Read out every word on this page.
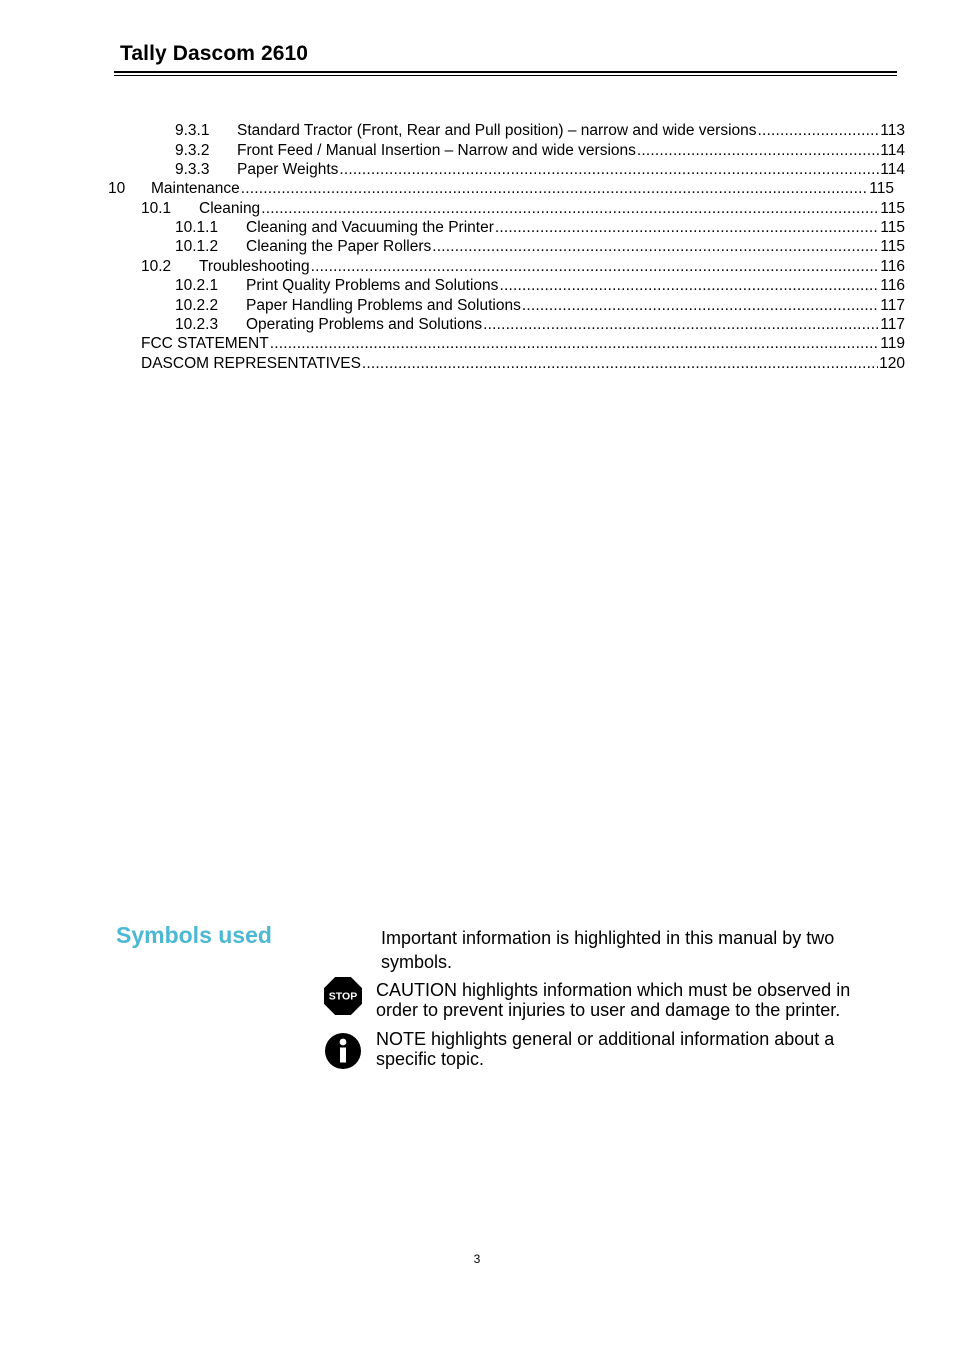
Tally Dascom 2610
9.3.1	Standard Tractor (Front, Rear and Pull position) – narrow and wide versions .....	113
9.3.2	Front Feed / Manual Insertion – Narrow and wide versions .....	114
9.3.3	Paper Weights .....	114
10	Maintenance .....	115
10.1	Cleaning .....	115
10.1.1	Cleaning and Vacuuming the Printer .....	115
10.1.2	Cleaning the Paper Rollers .....	115
10.2	Troubleshooting .....	116
10.2.1	Print Quality Problems and Solutions .....	116
10.2.2	Paper Handling Problems and Solutions .....	117
10.2.3	Operating Problems and Solutions .....	117
FCC STATEMENT .....	119
DASCOM REPRESENTATIVES .....	120
Symbols used	Important information is highlighted in this manual by two symbols.
STOP CAUTION highlights information which must be observed in order to prevent injuries to user and damage to the printer.
NOTE highlights general or additional information about a specific topic.
3
